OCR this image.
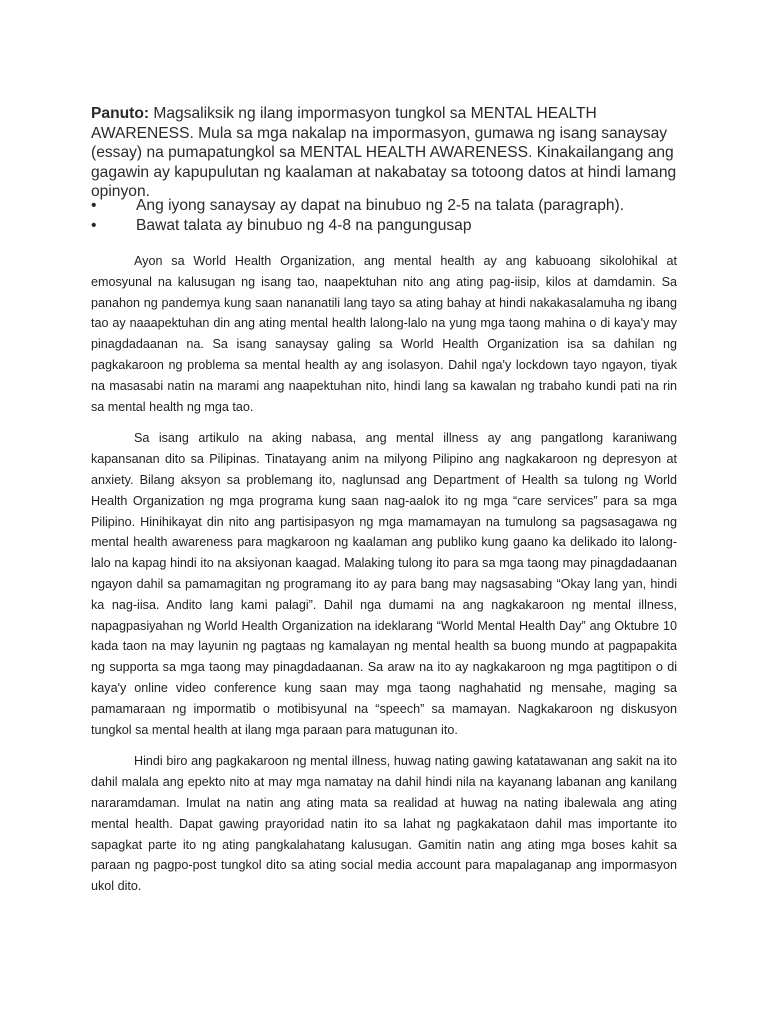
Panuto: Magsaliksik ng ilang impormasyon tungkol sa MENTAL HEALTH AWARENESS. Mula sa mga nakalap na impormasyon, gumawa ng isang sanaysay (essay) na pumapatungkol sa MENTAL HEALTH AWARENESS. Kinakailangang ang gagawin ay kapupulutan ng kaalaman at nakabatay sa totoong datos at hindi lamang opinyon.
•	Ang iyong sanaysay ay dapat na binubuo ng 2-5 na talata (paragraph).
•	Bawat talata ay binubuo ng 4-8 na pangungusap

Ayon sa World Health Organization, ang mental health ay ang kabuoang sikolohikal at emosyunal na kalusugan ng isang tao, naapektuhan nito ang ating pag-iisip, kilos at damdamin. Sa panahon ng pandemya kung saan nananatili lang tayo sa ating bahay at hindi nakakasalamuha ng ibang tao ay naaapektuhan din ang ating mental health lalong-lalo na yung mga taong mahina o di kaya'y may pinagdadaanan na. Sa isang sanaysay galing sa World Health Organization isa sa dahilan ng pagkakaroon ng problema sa mental health ay ang isolasyon. Dahil nga'y lockdown tayo ngayon, tiyak na masasabi natin na marami ang naapektuhan nito, hindi lang sa kawalan ng trabaho kundi pati na rin sa mental health ng mga tao.

Sa isang artikulo na aking nabasa, ang mental illness ay ang pangatlong karaniwang kapansanan dito sa Pilipinas. Tinatayang anim na milyong Pilipino ang nagkakaroon ng depresyon at anxiety. Bilang aksyon sa problemang ito, naglunsad ang Department of Health sa tulong ng World Health Organization ng mga programa kung saan nag-aalok ito ng mga “care services” para sa mga Pilipino. Hinihikayat din nito ang partisipasyon ng mga mamamayan na tumulong sa pagsasagawa ng mental health awareness para magkaroon ng kaalaman ang publiko kung gaano ka delikado ito lalong- lalo na kapag hindi ito na aksiyonan kaagad. Malaking tulong ito para sa mga taong may pinagdadaanan ngayon dahil sa pamamagitan ng programang ito ay para bang may nagsasabing “Okay lang yan, hindi ka nag-iisa. Andito lang kami palagi”. Dahil nga dumami na ang nagkakaroon ng mental illness, napagpasiyahan ng World Health Organization na ideklarang “World Mental Health Day” ang Oktubre 10 kada taon na may layunin ng pagtaas ng kamalayan ng mental health sa buong mundo at pagpapakita ng supporta sa mga taong may pinagdadaanan. Sa araw na ito ay nagkakaroon ng mga pagtitipon o di kaya'y online video conference kung saan may mga taong naghahatid ng mensahe, maging sa pamamaraan ng impormatib o motibisyunal na “speech” sa mamayan. Nagkakaroon ng diskusyon tungkol sa mental health at ilang mga paraan para matugunan ito.

Hindi biro ang pagkakaroon ng mental illness, huwag nating gawing katatawanan ang sakit na ito dahil malala ang epekto nito at may mga namatay na dahil hindi nila na kayanang labanan ang kanilang nararamdaman. Imulat na natin ang ating mata sa realidad at huwag na nating ibalewala ang ating mental health. Dapat gawing prayoridad natin ito sa lahat ng pagkakataon dahil mas importante ito sapagkat parte ito ng ating pangkalahatang kalusugan. Gamitin natin ang ating mga boses kahit sa paraan ng pagpo-post tungkol dito sa ating social media account para mapalaganap ang impormasyon ukol dito.
